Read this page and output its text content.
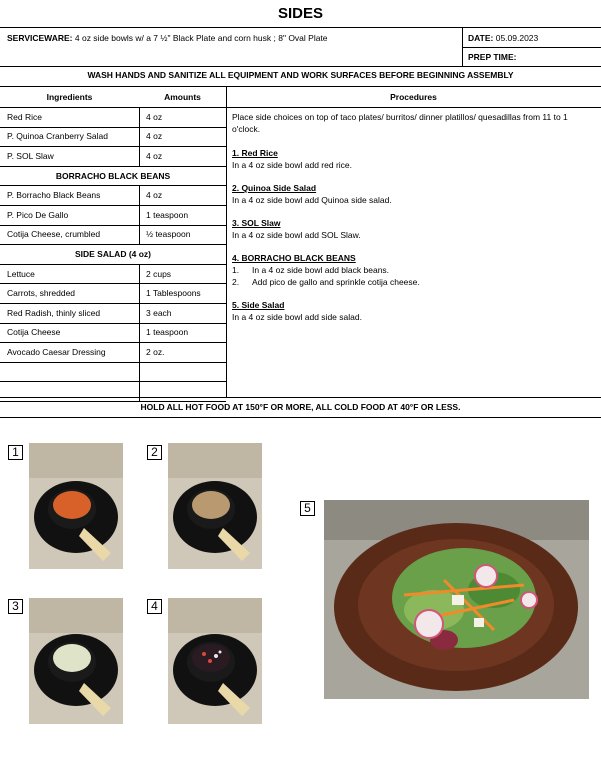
SIDES
SERVICEWARE: 4 oz side bowls w/ a 7 ½" Black Plate and corn husk ; 8" Oval Plate	DATE: 05.09.2023
PREP TIME:
WASH HANDS AND SANITIZE ALL EQUIPMENT AND WORK SURFACES BEFORE BEGINNING ASSEMBLY
Ingredients	Amounts	Procedures
Red Rice	4 oz
P. Quinoa Cranberry Salad	4 oz
P. SOL Slaw	4 oz
BORRACHO BLACK BEANS
P. Borracho Black Beans	4 oz
P. Pico De Gallo	1 teaspoon
Cotija Cheese, crumbled	½ teaspoon
SIDE SALAD (4 oz)
Lettuce	2 cups
Carrots, shredded	1 Tablespoons
Red Radish, thinly sliced	3 each
Cotija Cheese	1 teaspoon
Avocado Caesar Dressing	2 oz.
Place side choices on top of taco plates/ burritos/ dinner platillos/ quesadillas from 11 to 1 o'clock.
1. Red Rice
In a 4 oz side bowl add red rice.
2. Quinoa Side Salad
In a 4 oz side bowl add Quinoa side salad.
3. SOL Slaw
In a 4 oz side bowl add SOL Slaw.
4. BORRACHO BLACK BEANS
1.	In a 4 oz side bowl add black beans.
2.	Add pico de gallo and sprinkle cotija cheese.
5. Side Salad
In a 4 oz side bowl add side salad.
HOLD ALL HOT FOOD AT 150°F OR MORE, ALL COLD FOOD AT 40°F OR LESS.
1	2
3	4
5
